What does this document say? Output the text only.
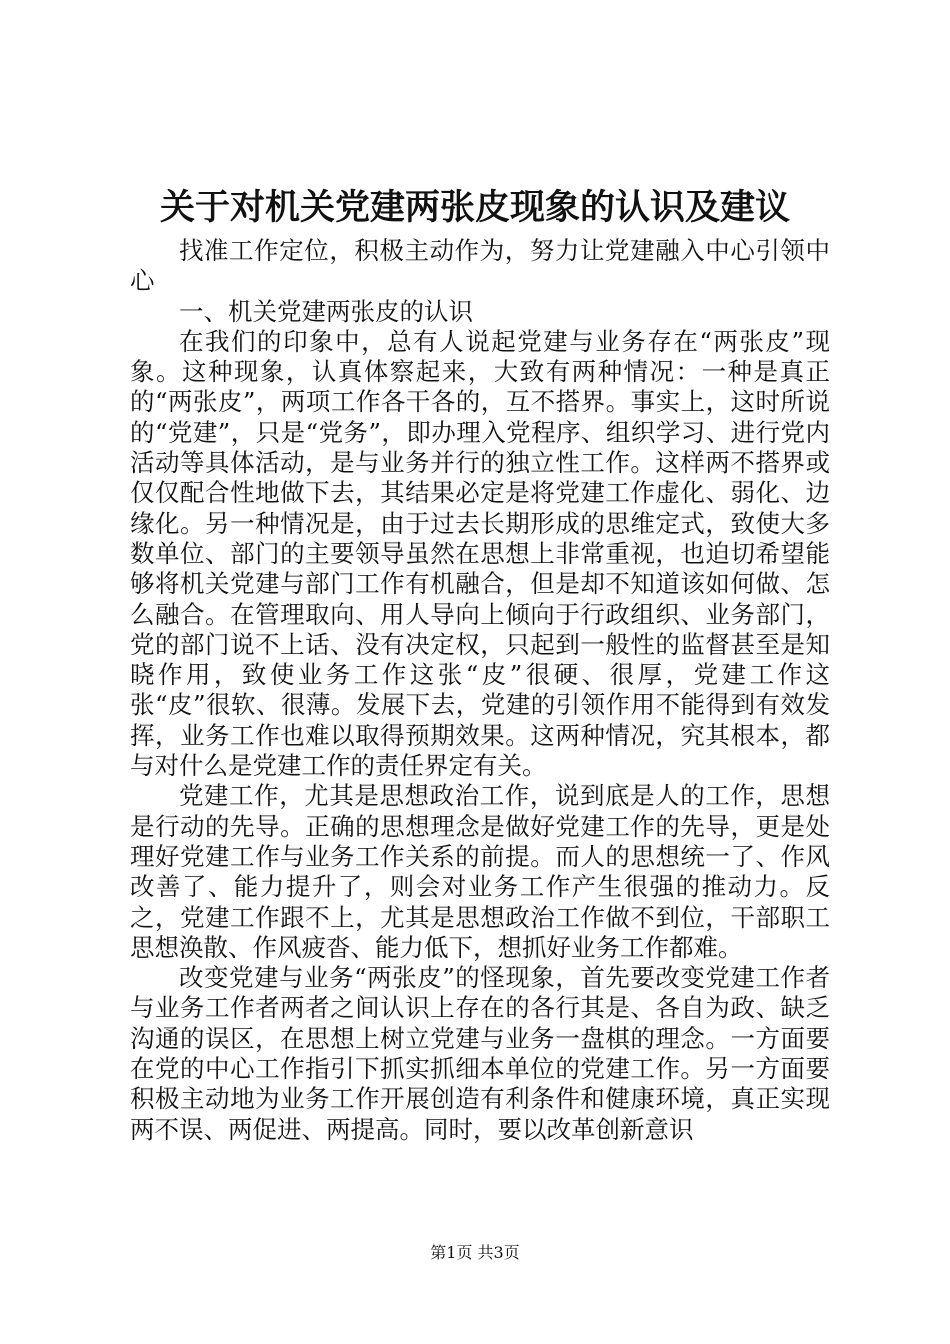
关于对机关党建两张皮现象的认识及建议

找准工作定位，积极主动作为，努力让党建融入中心引领中心

一、机关党建两张皮的认识

在我们的印象中，总有人说起党建与业务存在“两张皮”现象。这种现象，认真体察起来，大致有两种情况：一种是真正的“两张皮”，两项工作各干各的，互不搭界。事实上，这时所说的“党建”，只是“党务”，即办理入党程序、组织学习、进行党内活动等具体活动，是与业务并行的独立性工作。这样两不搭界或仅仅配合性地做下去，其结果必定是将党建工作虚化、弱化、边缘化。另一种情况是，由于过去长期形成的思维定式，致使大多数单位、部门的主要领导虽然在思想上非常重视，也迫切希望能够将机关党建与部门工作有机融合，但是却不知道该如何做、怎么融合。在管理取向、用人导向上倾向于行政组织、业务部门，党的部门说不上话、没有决定权，只起到一般性的监督甚至是知晓作用，致使业务工作这张“皮”很硬、很厚，党建工作这张“皮”很软、很薄。发展下去，党建的引领作用不能得到有效发挥，业务工作也难以取得预期效果。这两种情况，究其根本，都与对什么是党建工作的责任界定有关。

党建工作，尤其是思想政治工作，说到底是人的工作，思想是行动的先导。正确的思想理念是做好党建工作的先导，更是处理好党建工作与业务工作关系的前提。而人的思想统一了、作风改善了、能力提升了，则会对业务工作产生很强的推动力。反之，党建工作跟不上，尤其是思想政治工作做不到位，干部职工思想涣散、作风疲沓、能力低下，想抓好业务工作都难。

改变党建与业务“两张皮”的怪现象，首先要改变党建工作者与业务工作者两者之间认识上存在的各行其是、各自为政、缺乏沟通的误区，在思想上树立党建与业务一盘棋的理念。一方面要在党的中心工作指引下抓实抓细本单位的党建工作。另一方面要积极主动地为业务工作开展创造有利条件和健康环境，真正实现两不误、两促进、两提高。同时，要以改革创新意识

第1页 共3页
